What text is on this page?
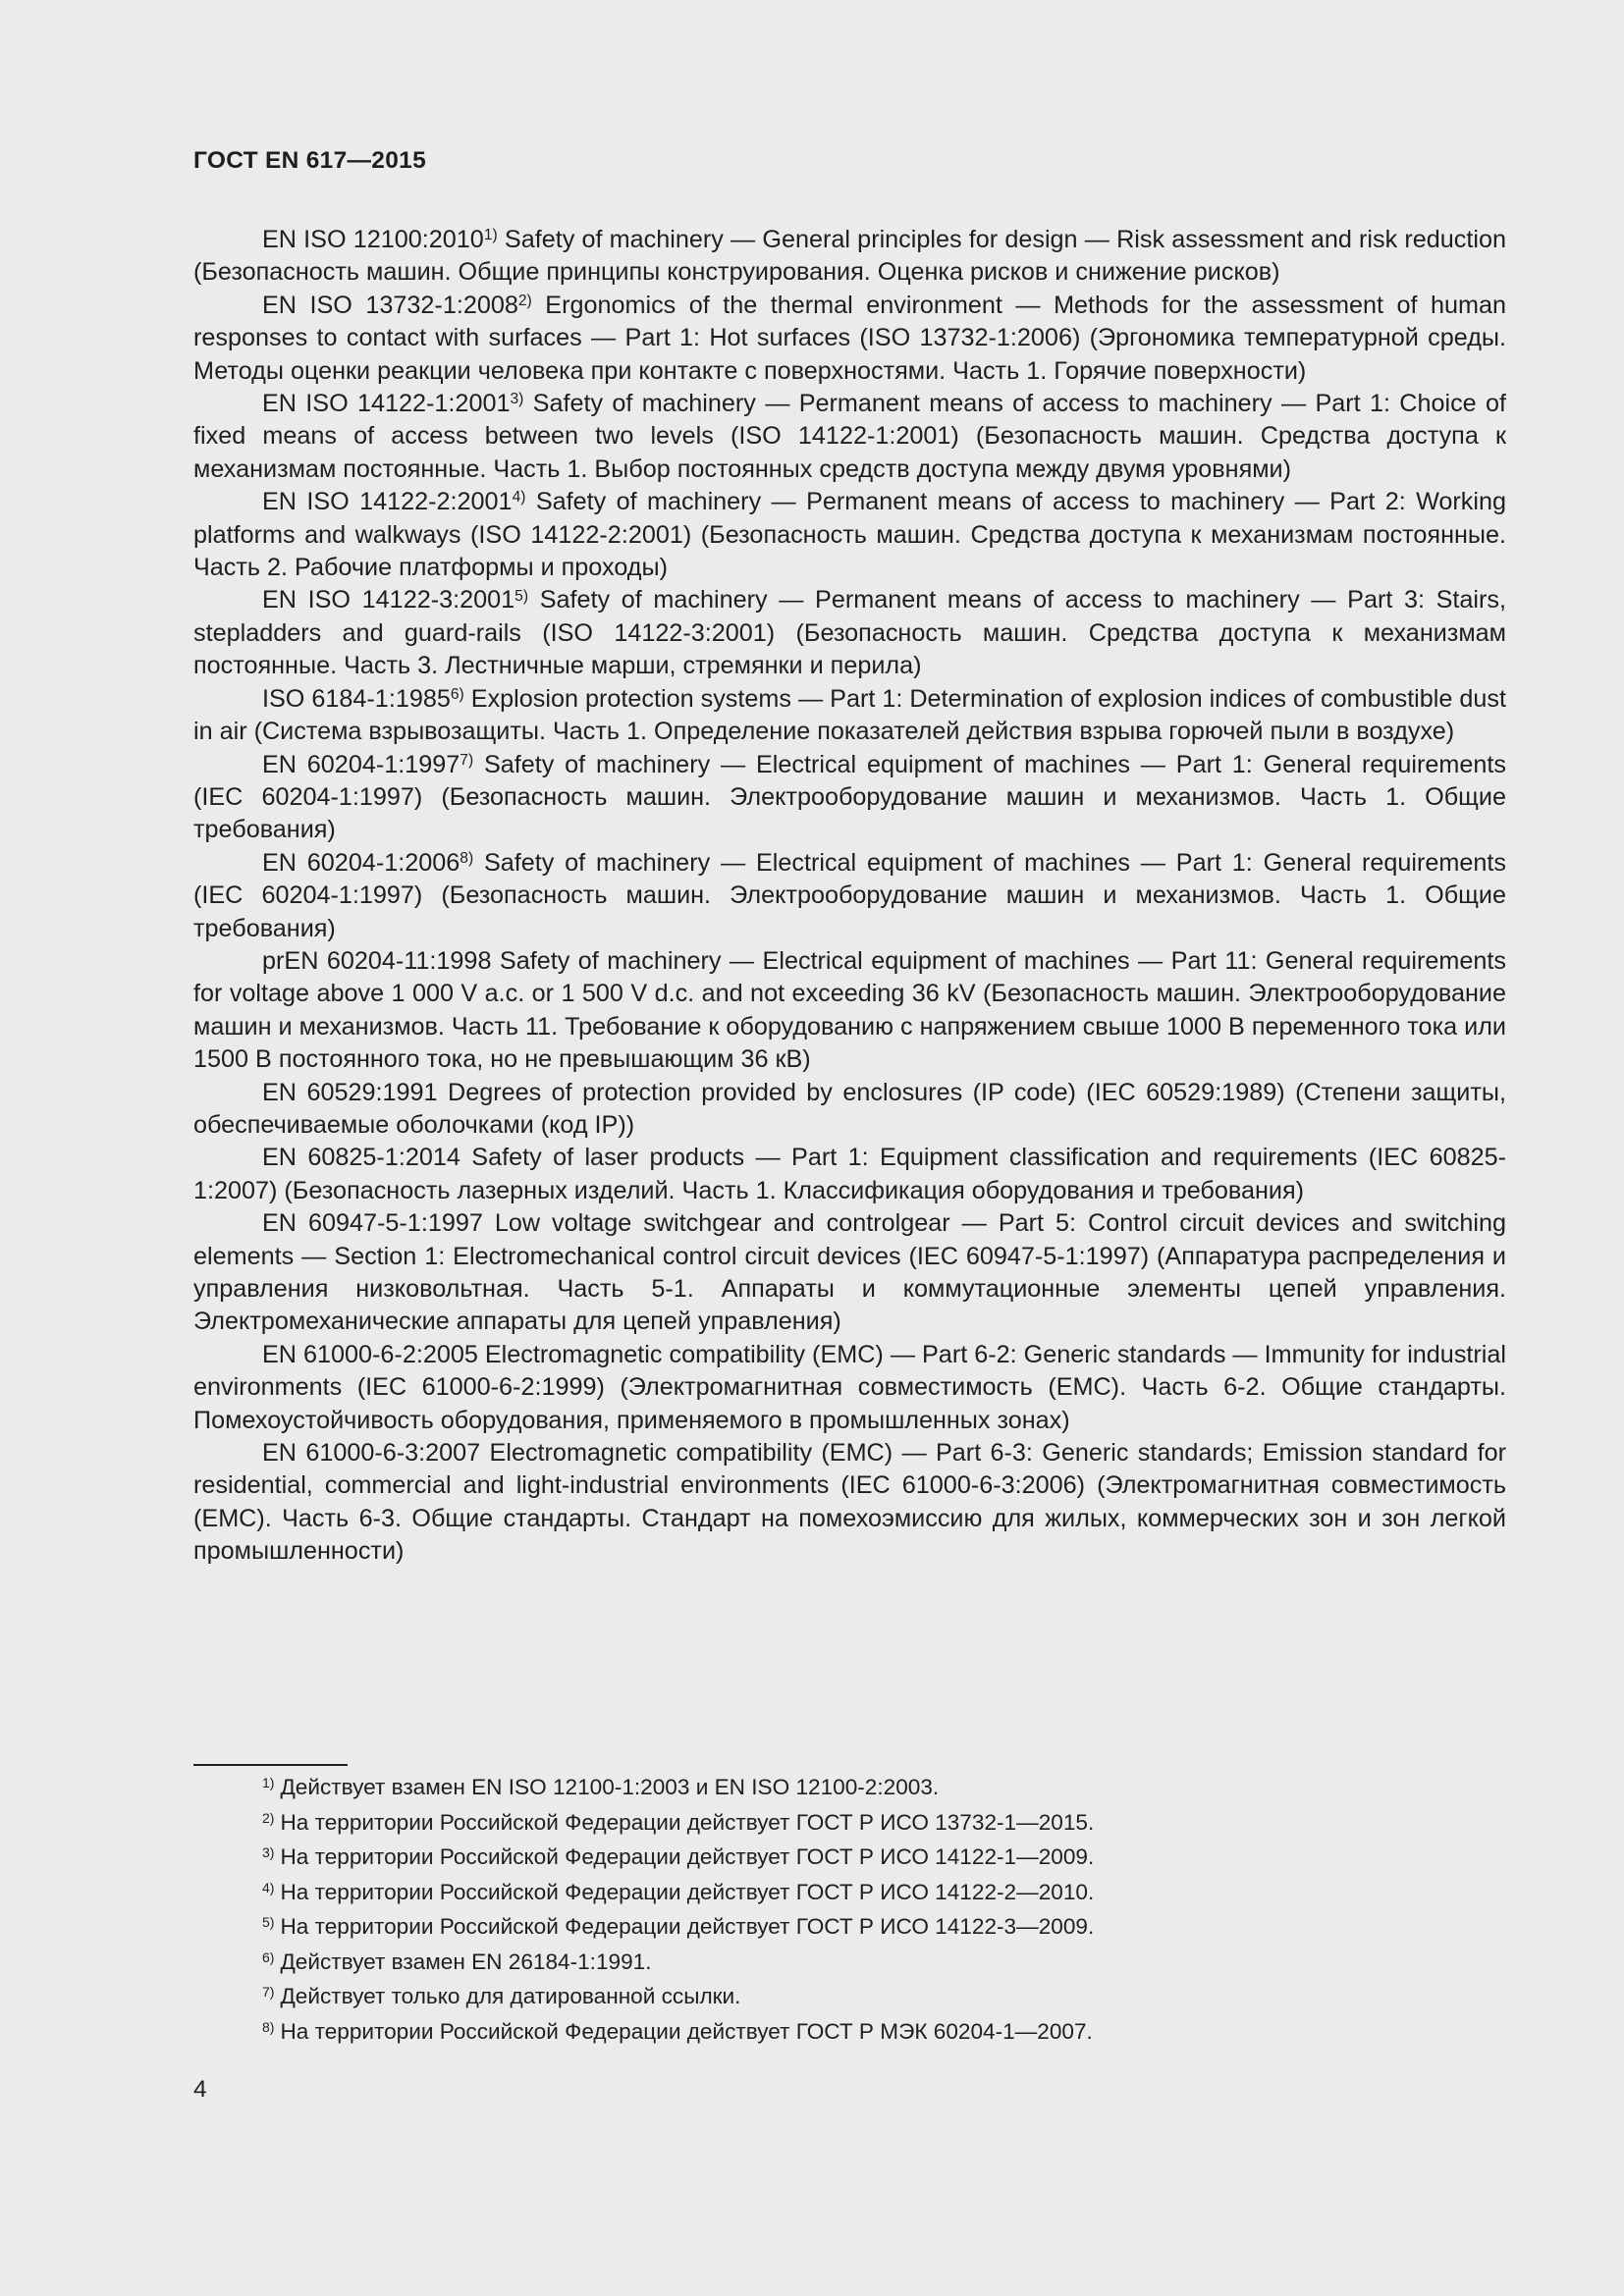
ГОСТ EN 617—2015

EN ISO 12100:2010$^{1)}$ Safety of machinery — General principles for design — Risk assessment and risk reduction (Безопасность машин. Общие принципы конструирования. Оценка рисков и снижение рисков)

EN ISO 13732-1:2008$^{2)}$ Ergonomics of the thermal environment — Methods for the assessment of human responses to contact with surfaces — Part 1: Hot surfaces (ISO 13732-1:2006) (Эргономика температурной среды. Методы оценки реакции человека при контакте с поверхностями. Часть 1. Горячие поверхности)

EN ISO 14122-1:2001$^{3)}$ Safety of machinery — Permanent means of access to machinery — Part 1: Choice of fixed means of access between two levels (ISO 14122-1:2001) (Безопасность машин. Средства доступа к механизмам постоянные. Часть 1. Выбор постоянных средств доступа между двумя уровнями)

EN ISO 14122-2:2001$^{4)}$ Safety of machinery — Permanent means of access to machinery — Part 2: Working platforms and walkways (ISO 14122-2:2001) (Безопасность машин. Средства доступа к механизмам постоянные. Часть 2. Рабочие платформы и проходы)

EN ISO 14122-3:2001$^{5)}$ Safety of machinery — Permanent means of access to machinery — Part 3: Stairs, stepladders and guard-rails (ISO 14122-3:2001) (Безопасность машин. Средства доступа к механизмам постоянные. Часть 3. Лестничные марши, стремянки и перила)

ISO 6184-1:1985$^{6)}$ Explosion protection systems — Part 1: Determination of explosion indices of combustible dust in air (Система взрывозащиты. Часть 1. Определение показателей действия взрыва горючей пыли в воздухе)

EN 60204-1:1997$^{7)}$ Safety of machinery — Electrical equipment of machines — Part 1: General requirements (IEC 60204-1:1997) (Безопасность машин. Электрооборудование машин и механизмов. Часть 1. Общие требования)

EN 60204-1:2006$^{8)}$ Safety of machinery — Electrical equipment of machines — Part 1: General requirements (IEC 60204-1:1997) (Безопасность машин. Электрооборудование машин и механизмов. Часть 1. Общие требования)

prEN 60204-11:1998 Safety of machinery — Electrical equipment of machines — Part 11: General requirements for voltage above 1 000 V a.c. or 1 500 V d.c. and not exceeding 36 kV (Безопасность машин. Электрооборудование машин и механизмов. Часть 11. Требование к оборудованию с напряжением свыше 1000 В переменного тока или 1500 В постоянного тока, но не превышающим 36 кВ)

EN 60529:1991 Degrees of protection provided by enclosures (IP code) (IEC 60529:1989) (Степени защиты, обеспечиваемые оболочками (код IP))

EN 60825-1:2014 Safety of laser products — Part 1: Equipment classification and requirements (IEC 60825-1:2007) (Безопасность лазерных изделий. Часть 1. Классификация оборудования и требования)

EN 60947-5-1:1997 Low voltage switchgear and controlgear — Part 5: Control circuit devices and switching elements — Section 1: Electromechanical control circuit devices (IEC 60947-5-1:1997) (Аппаратура распределения и управления низковольтная. Часть 5-1. Аппараты и коммутационные элементы цепей управления. Электромеханические аппараты для цепей управления)

EN 61000-6-2:2005 Electromagnetic compatibility (EMC) — Part 6-2: Generic standards — Immunity for industrial environments (IEC 61000-6-2:1999) (Электромагнитная совместимость (EMC). Часть 6-2. Общие стандарты. Помехоустойчивость оборудования, применяемого в промышленных зонах)

EN 61000-6-3:2007 Electromagnetic compatibility (EMC) — Part 6-3: Generic standards; Emission standard for residential, commercial and light-industrial environments (IEC 61000-6-3:2006) (Электромагнитная совместимость (EMC). Часть 6-3. Общие стандарты. Стандарт на помехоэмиссию для жилых, коммерческих зон и зон легкой промышленности)

$^{1)}$ Действует взамен EN ISO 12100-1:2003 и EN ISO 12100-2:2003.

$^{2)}$ На территории Российской Федерации действует ГОСТ Р ИСО 13732-1—2015.

$^{3)}$ На территории Российской Федерации действует ГОСТ Р ИСО 14122-1—2009.

$^{4)}$ На территории Российской Федерации действует ГОСТ Р ИСО 14122-2—2010.

$^{5)}$ На территории Российской Федерации действует ГОСТ Р ИСО 14122-3—2009.

$^{6)}$ Действует взамен EN 26184-1:1991.

$^{7)}$ Действует только для датированной ссылки.

$^{8)}$ На территории Российской Федерации действует ГОСТ Р МЭК 60204-1—2007.

4
